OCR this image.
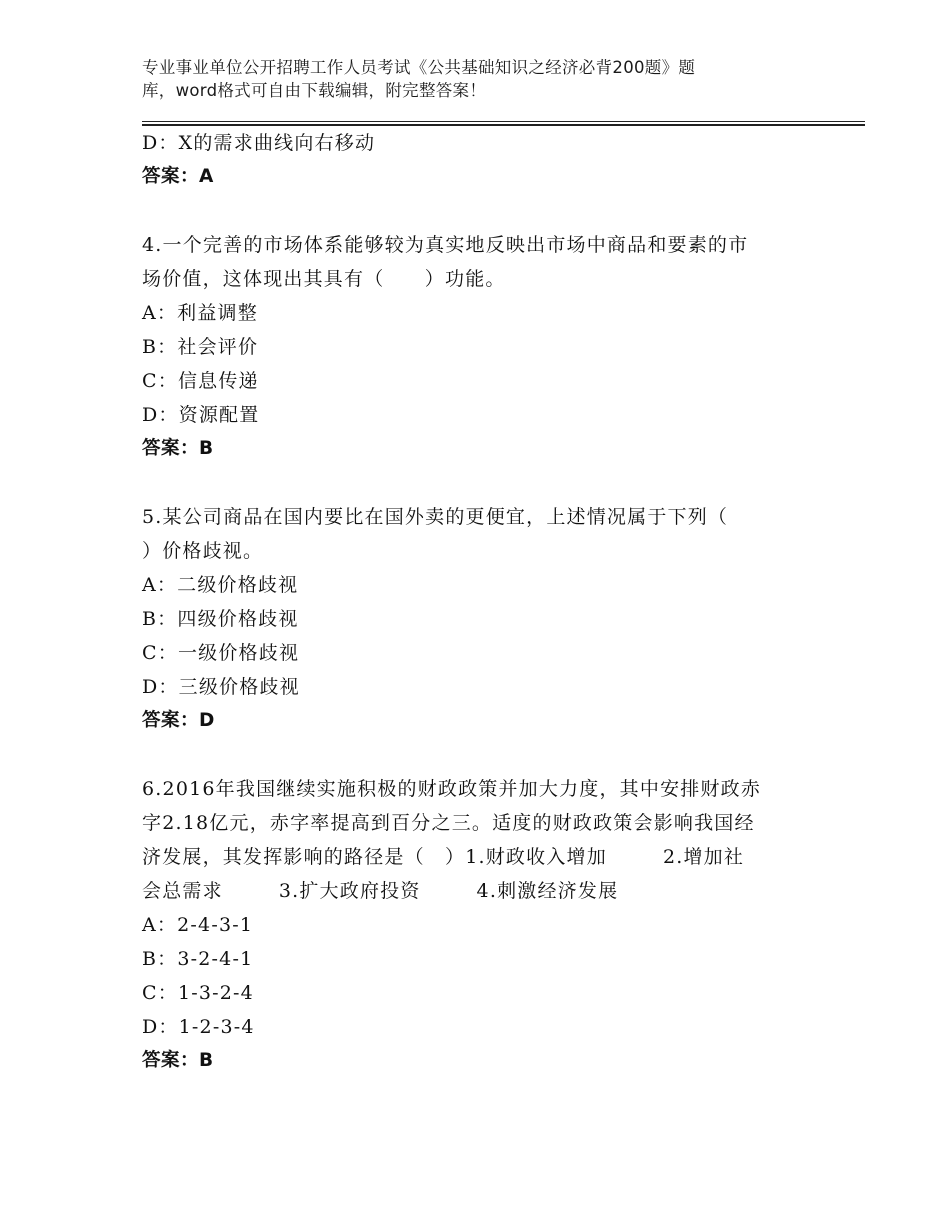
专业事业单位公开招聘工作人员考试《公共基础知识之经济必背200题》题
库，word格式可自由下载编辑，附完整答案！
D：X的需求曲线向右移动
答案：A
4.一个完善的市场体系能够较为真实地反映出市场中商品和要素的市
场价值，这体现出其具有（　　）功能。
A：利益调整
B：社会评价
C：信息传递
D：资源配置
答案：B
5.某公司商品在国内要比在国外卖的更便宜，上述情况属于下列（
）价格歧视。
A：二级价格歧视
B：四级价格歧视
C：一级价格歧视
D：三级价格歧视
答案：D
6.2016年我国继续实施积极的财政政策并加大力度，其中安排财政赤
字2.18亿元，赤字率提高到百分之三。适度的财政政策会影响我国经
济发展，其发挥影响的路径是（　）1.财政收入增加	2.增加社
会总需求	3.扩大政府投资	4.刺激经济发展
A：2-4-3-1
B：3-2-4-1
C：1-3-2-4
D：1-2-3-4
答案：B
